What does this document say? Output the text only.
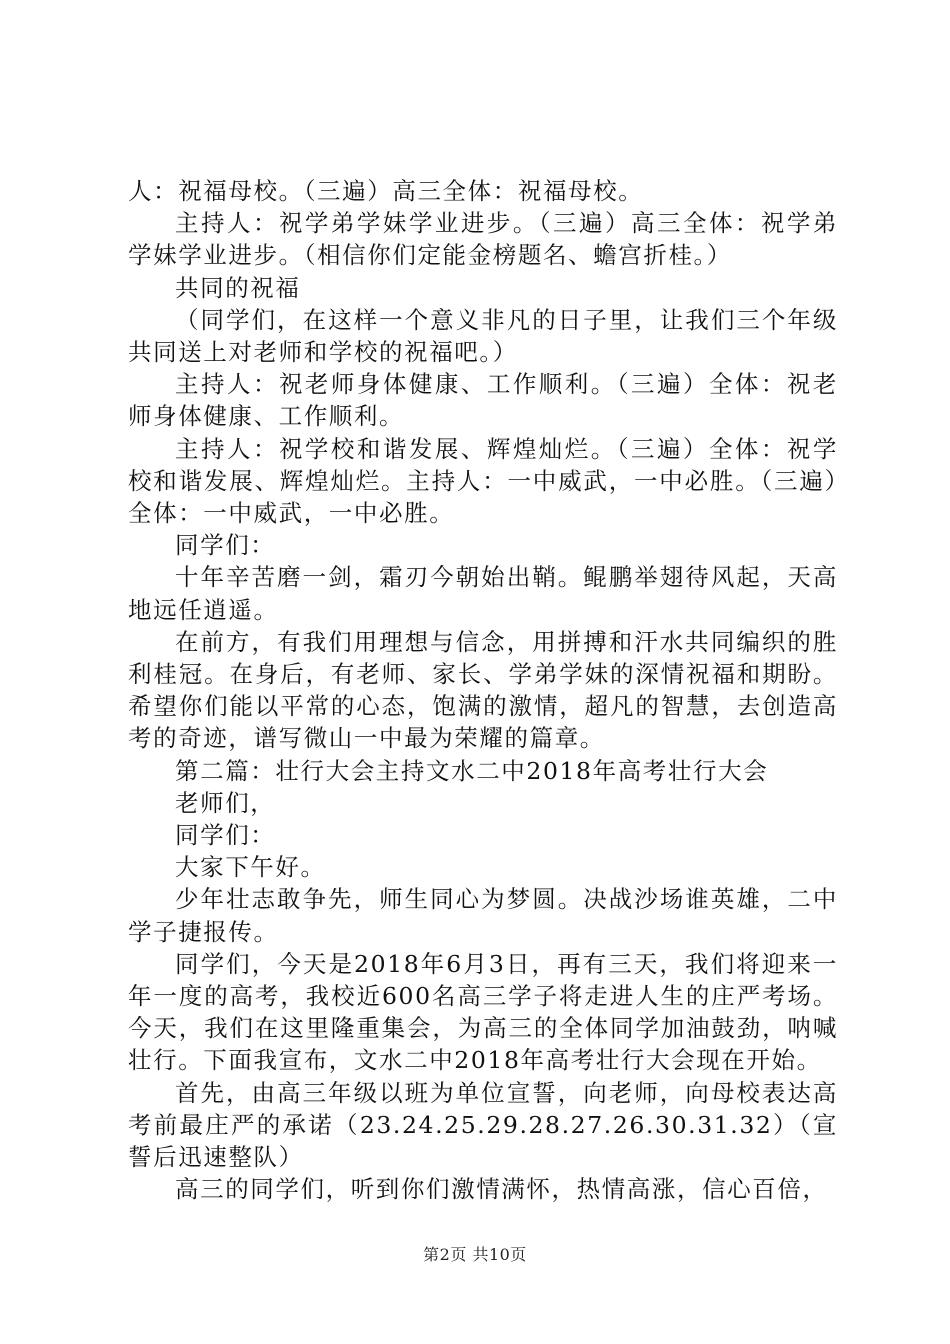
人：祝福母校。（三遍）高三全体：祝福母校。

主持人：祝学弟学妹学业进步。（三遍）高三全体：祝学弟学妹学业进步。（相信你们定能金榜题名、蟾宫折桂。）

共同的祝福

（同学们，在这样一个意义非凡的日子里，让我们三个年级共同送上对老师和学校的祝福吧。）

主持人：祝老师身体健康、工作顺利。（三遍）全体：祝老师身体健康、工作顺利。

主持人：祝学校和谐发展、辉煌灿烂。（三遍）全体：祝学校和谐发展、辉煌灿烂。主持人：一中威武，一中必胜。（三遍）全体：一中威武，一中必胜。

同学们：

十年辛苦磨一剑，霜刃今朝始出鞘。鲲鹏举翅待风起，天高地远任逍遥。

在前方，有我们用理想与信念，用拼搏和汗水共同编织的胜利桂冠。在身后，有老师、家长、学弟学妹的深情祝福和期盼。希望你们能以平常的心态，饱满的激情，超凡的智慧，去创造高考的奇迹，谱写微山一中最为荣耀的篇章。

第二篇：壮行大会主持文水二中2018年高考壮行大会

老师们，

同学们：

大家下午好。

少年壮志敢争先，师生同心为梦圆。决战沙场谁英雄，二中学子捷报传。

同学们，今天是2018年6月3日，再有三天，我们将迎来一年一度的高考，我校近600名高三学子将走进人生的庄严考场。今天，我们在这里隆重集会，为高三的全体同学加油鼓劲，呐喊壮行。下面我宣布，文水二中2018年高考壮行大会现在开始。

首先，由高三年级以班为单位宣誓，向老师，向母校表达高考前最庄严的承诺（23.24.25.29.28.27.26.30.31.32）（宣誓后迅速整队）

高三的同学们，听到你们激情满怀，热情高涨，信心百倍，

第2页 共10页
